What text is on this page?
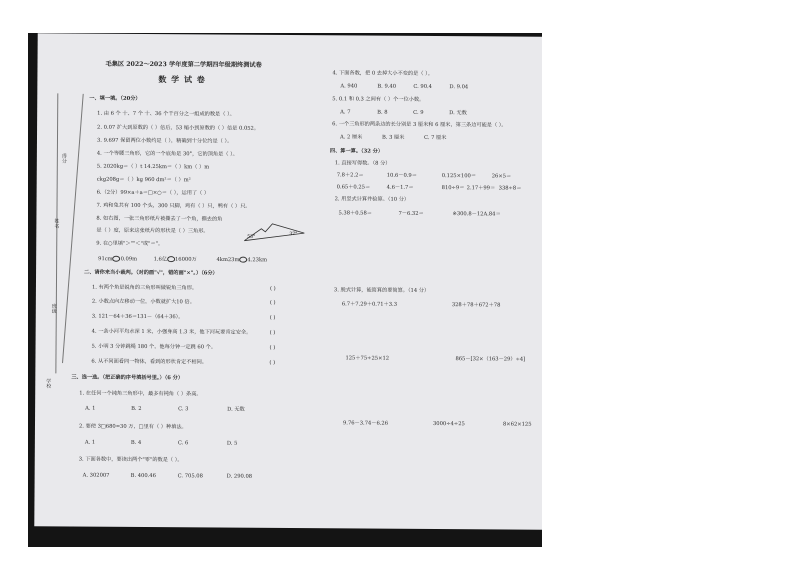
得分
姓名
班级
学校
毛集区 2022～2023 学年度第二学期四年级期终测试卷
数 学 试 卷
一、填一填。（20分）
1. 由 6 个 十、7 个 十、36 个千百分之一组成的数是（ ）。
2. 0.07 扩大到原数的（ ）倍后，53 缩小到原数的（ ）倍是 0.052。
3. 9.697 保留两位小数约是（ ），精确到十分位约是（ ）。
4. 一个等腰三角形，它的一个底角是 30°，它的顶角是（ ）。
5. 2020kg＝（ ）t 14.25km＝（ ）km（ ）m
ckg208g＝（ ）kg 960 dm²＝（ ）m²
6.（2分）99×a＋a＝□×○＝（ ），运用了（ ）
7. 鸡和兔共有 100 个头，300 只脚，鸡有（ ）只，鸭有（ ）只。
8. 如右图，一张三角形纸片被撕去了一个角，撕去的角
是（ ）度，原来这张纸片的形状是（ ）三角形。
9. 在○里填"＞""＜"或"＝"。
53°
37°
91cm 0.09m	1.6亿 16000万	4km23m 4.23km
二、请你来当小裁判。（对的画"√"，错的画"×"。）（6分）
1. 有两个角是锐角的三角形叫做锐角三角形。
2. 小数点向左移动一位，小数就扩大10 倍。
3. 121－64＋36＝131－（64＋36）。
4. 一条小河平均水深 1 米，小强身高 1.3 米，他下河玩要肯定安全。
5. 小明 3 分钟跳绳 180 个，他每分钟一定跳 60 个。
6. 从不同面看同一物体，看到的形状肯定不相同。
( )
( )
( )
( )
( )
( )
三、选一选。（把正确的序号填括号里。）（6 分）
1. 在任何一个钝角三角形中，最多有钝角（ ）条高。
A. 1	B. 2	C. 3	D. 无数
2. 要使 3□680≈30 万，□里有（ ）种填法。
A. 1	B. 4	C. 6	D. 5
3. 下面各数中，要读出两个"零"的数是（ ）。
A. 302007	B. 400.46	C. 705.08	D. 290.08
4. 下面各数，把 0 去掉大小不变的是（ ）。
A. 940	B. 9.40	C. 90.4	D. 9.04
5. 0.1 和 0.3 之间有（ ）个一位小数。
A. 7	B. 8	C. 9	D. 无数
6. 一个三角形的两条边的长分别是 3 厘米和 6 厘米，第三条边可能是（ ）。
A. 2 厘米	B. 3 厘米	C. 7 厘米
四、算一算。（32 分）
1. 直接写得数。（8 分）
7.8＋2.2＝	10.6－0.9＝	0.125×100＝	26×5＝
0.65＋0.25＝	4.6－1.7＝	810÷9＝ 2.17＋99＝ 338÷8＝
2. 用竖式计算并验算。（10 分）
5.38＋0.58＝	7－6.32＝	※300.8－12A.84＝
3. 脱式计算，能简算的要简算。（14 分）
6.7＋7.29＋0.71＋3.3	328＋78＋672＋78
125＋75÷25×12	865－[32×（163－29）÷4]
9.76－3.74－6.26	3000÷4÷25	8×62×125
